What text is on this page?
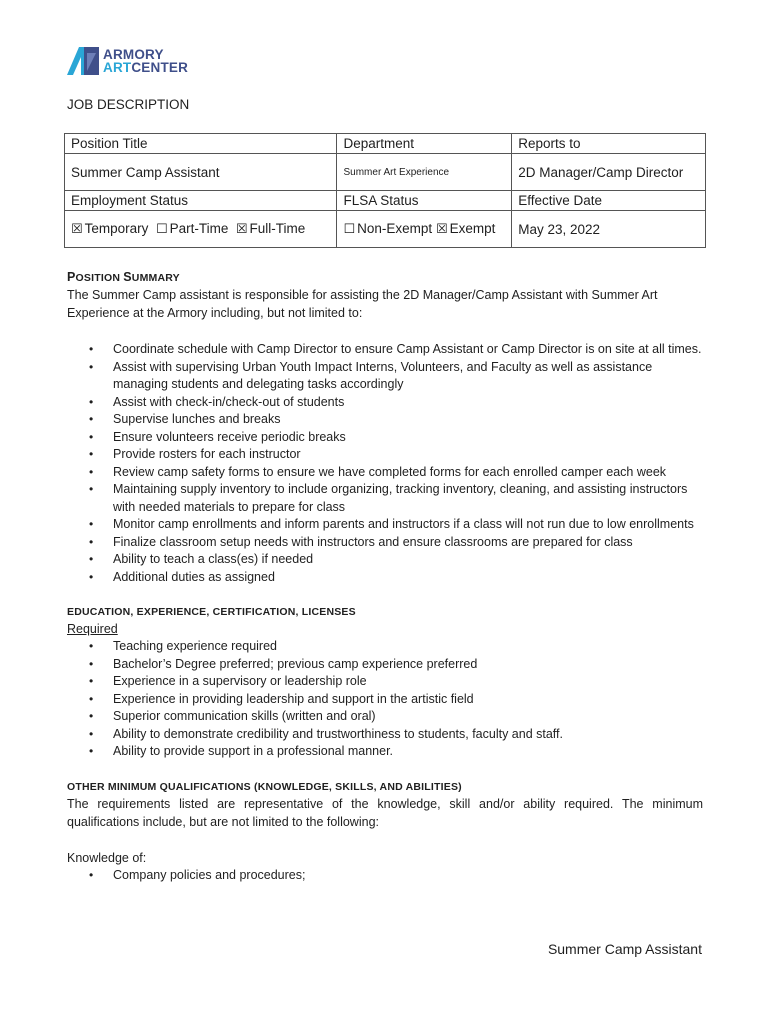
ARMORY
ARTCENTER
JOB DESCRIPTION
Position Title	Department	Reports to
Summer Camp Assistant	Summer Art Experience	2D Manager/Camp Director
Employment Status	FLSA Status	Effective Date
☒ Temporary ☐ Part-Time ☒ Full-Time	☐ Non-Exempt ☒ Exempt	May 23, 2022
POSITION SUMMARY

The Summer Camp assistant is responsible for assisting the 2D Manager/Camp Assistant with Summer Art Experience at the Armory including, but not limited to:

• Coordinate schedule with Camp Director to ensure Camp Assistant or Camp Director is on site at all times.
• Assist with supervising Urban Youth Impact Interns, Volunteers, and Faculty as well as assistance managing students and delegating tasks accordingly
• Assist with check-in/check-out of students
• Supervise lunches and breaks
• Ensure volunteers receive periodic breaks
• Provide rosters for each instructor
• Review camp safety forms to ensure we have completed forms for each enrolled camper each week
• Maintaining supply inventory to include organizing, tracking inventory, cleaning, and assisting instructors with needed materials to prepare for class
• Monitor camp enrollments and inform parents and instructors if a class will not run due to low enrollments
• Finalize classroom setup needs with instructors and ensure classrooms are prepared for class
• Ability to teach a class(es) if needed
• Additional duties as assigned
EDUCATION, EXPERIENCE, CERTIFICATION, LICENSES

Required

• Teaching experience required
• Bachelor’s Degree preferred; previous camp experience preferred
• Experience in a supervisory or leadership role
• Experience in providing leadership and support in the artistic field
• Superior communication skills (written and oral)
• Ability to demonstrate credibility and trustworthiness to students, faculty and staff.
• Ability to provide support in a professional manner.
OTHER MINIMUM QUALIFICATIONS (KNOWLEDGE, SKILLS, AND ABILITIES)

The requirements listed are representative of the knowledge, skill and/or ability required. The minimum qualifications include, but are not limited to the following:

Knowledge of:

• Company policies and procedures;
Summer Camp Assistant
